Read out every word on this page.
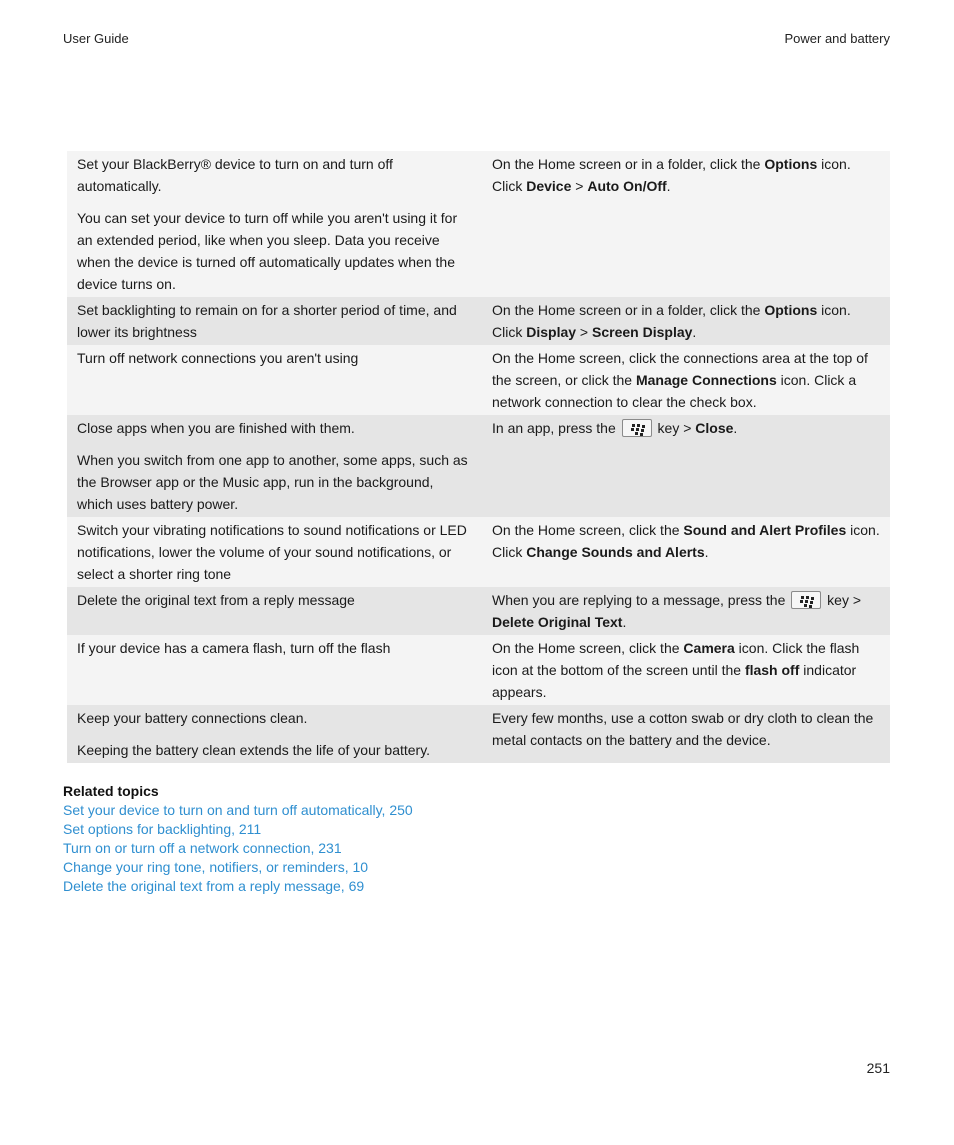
User Guide	Power and battery

Set your BlackBerry® device to turn on and turn off automatically.

You can set your device to turn off while you aren't using it for an extended period, like when you sleep. Data you receive when the device is turned off automatically updates when the device turns on.	On the Home screen or in a folder, click the Options icon. Click Device > Auto On/Off.

Set backlighting to remain on for a shorter period of time, and lower its brightness	On the Home screen or in a folder, click the Options icon. Click Display > Screen Display.

Turn off network connections you aren't using	On the Home screen, click the connections area at the top of the screen, or click the Manage Connections icon. Click a network connection to clear the check box.

Close apps when you are finished with them.

When you switch from one app to another, some apps, such as the Browser app or the Music app, run in the background, which uses battery power.	In an app, press the  key > Close.

Switch your vibrating notifications to sound notifications or LED notifications, lower the volume of your sound notifications, or select a shorter ring tone	On the Home screen, click the Sound and Alert Profiles icon. Click Change Sounds and Alerts.

Delete the original text from a reply message	When you are replying to a message, press the  key > Delete Original Text.

If your device has a camera flash, turn off the flash	On the Home screen, click the Camera icon. Click the flash icon at the bottom of the screen until the flash off indicator appears.

Keep your battery connections clean.

Keeping the battery clean extends the life of your battery.	Every few months, use a cotton swab or dry cloth to clean the metal contacts on the battery and the device.

Related topics
Set your device to turn on and turn off automatically, 250
Set options for backlighting, 211
Turn on or turn off a network connection, 231
Change your ring tone, notifiers, or reminders, 10
Delete the original text from a reply message, 69
251
